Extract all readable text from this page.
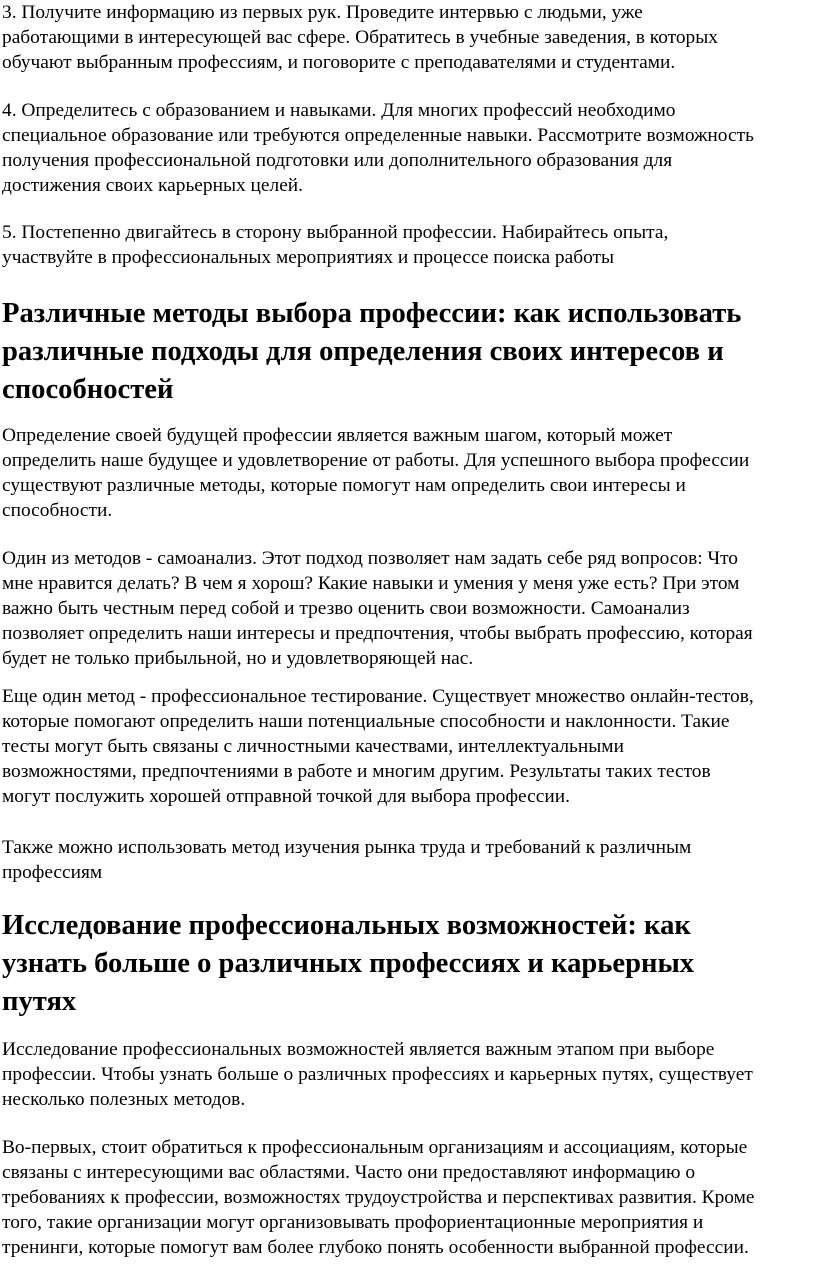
3. Получите информацию из первых рук. Проведите интервью с людьми, уже
работающими в интересующей вас сфере. Обратитесь в учебные заведения, в которых
обучают выбранным профессиям, и поговорите с преподавателями и студентами.
4. Определитесь с образованием и навыками. Для многих профессий необходимо
специальное образование или требуются определенные навыки. Рассмотрите возможность
получения профессиональной подготовки или дополнительного образования для
достижения своих карьерных целей.
5. Постепенно двигайтесь в сторону выбранной профессии. Набирайтесь опыта,
участвуйте в профессиональных мероприятиях и процессе поиска работы
Различные методы выбора профессии: как использовать
различные подходы для определения своих интересов и
способностей
Определение своей будущей профессии является важным шагом, который может
определить наше будущее и удовлетворение от работы. Для успешного выбора профессии
существуют различные методы, которые помогут нам определить свои интересы и
способности.
Один из методов - самоанализ. Этот подход позволяет нам задать себе ряд вопросов: Что
мне нравится делать? В чем я хорош? Какие навыки и умения у меня уже есть? При этом
важно быть честным перед собой и трезво оценить свои возможности. Самоанализ
позволяет определить наши интересы и предпочтения, чтобы выбрать профессию, которая
будет не только прибыльной, но и удовлетворяющей нас.
Еще один метод - профессиональное тестирование. Существует множество онлайн-тестов,
которые помогают определить наши потенциальные способности и наклонности. Такие
тесты могут быть связаны с личностными качествами, интеллектуальными
возможностями, предпочтениями в работе и многим другим. Результаты таких тестов
могут послужить хорошей отправной точкой для выбора профессии.
Также можно использовать метод изучения рынка труда и требований к различным
профессиям
Исследование профессиональных возможностей: как
узнать больше о различных профессиях и карьерных
путях
Исследование профессиональных возможностей является важным этапом при выборе
профессии. Чтобы узнать больше о различных профессиях и карьерных путях, существует
несколько полезных методов.
Во-первых, стоит обратиться к профессиональным организациям и ассоциациям, которые
связаны с интересующими вас областями. Часто они предоставляют информацию о
требованиях к профессии, возможностях трудоустройства и перспективах развития. Кроме
того, такие организации могут организовывать профориентационные мероприятия и
тренинги, которые помогут вам более глубоко понять особенности выбранной профессии.
